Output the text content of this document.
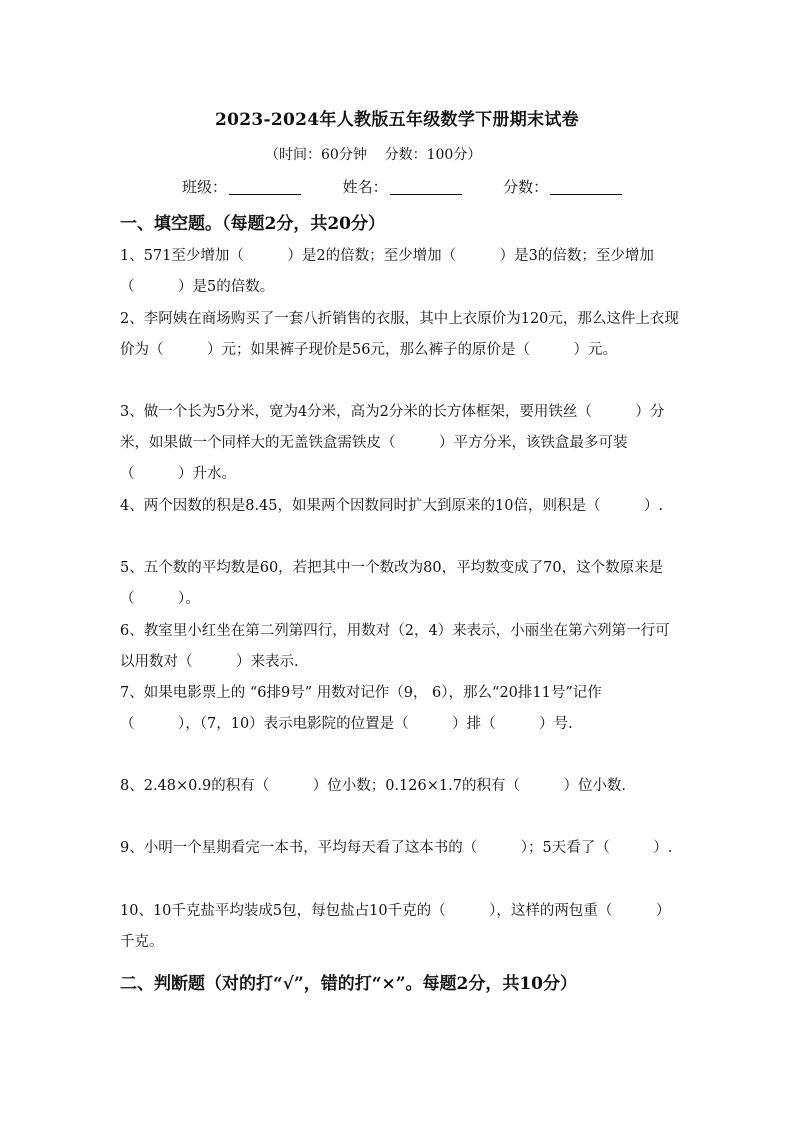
2023-2024年人教版五年级数学下册期末试卷
（时间：60分钟    分数：100分）
班级：	姓名：	分数：
一、填空题。（每题2分，共20分）
1、571至少增加（　　　）是2的倍数；至少增加（　　　）是3的倍数；至少增加（　　　）是5的倍数。
2、李阿姨在商场购买了一套八折销售的衣服，其中上衣原价为120元，那么这件上衣现价为（　　　）元；如果裤子现价是56元，那么裤子的原价是（　　　）元。
3、做一个长为5分米，宽为4分米，高为2分米的长方体框架，要用铁丝（　　　）分米，如果做一个同样大的无盖铁盒需铁皮（　　　）平方分米，该铁盒最多可装（　　　）升水。
4、两个因数的积是8.45，如果两个因数同时扩大到原来的10倍，则积是（　　　）.
5、五个数的平均数是60，若把其中一个数改为80，平均数变成了70，这个数原来是（　　　）。
6、教室里小红坐在第二列第四行，用数对（2，4）来表示，小丽坐在第六列第一行可以用数对（　　　）来表示.
7、如果电影票上的 “6排9号” 用数对记作（9， 6），那么“20排11号”记作（　　　），（7，10）表示电影院的位置是（　　　）排（　　　）号.
8、2.48×0.9的积有（　　　）位小数；0.126×1.7的积有（　　　）位小数.
9、小明一个星期看完一本书，平均每天看了这本书的（　　　）；5天看了（　　　）.
10、10千克盐平均装成5包，每包盐占10千克的（　　　），这样的两包重（　　　）千克。
二、判断题（对的打“√”，错的打“×”。每题2分，共10分）
